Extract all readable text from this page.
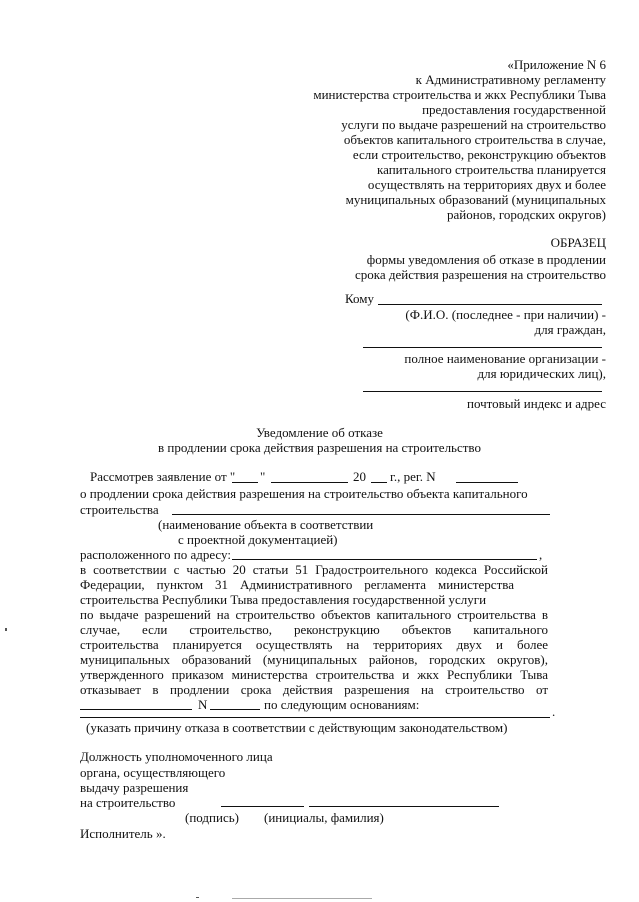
«Приложение N 6
к Административному регламенту
министерства строительства и жкх Республики Тыва
предоставления государственной
услуги по выдаче разрешений на строительство
объектов капитального строительства в случае,
если строительство, реконструкцию объектов
капитального строительства планируется
осуществлять на территориях двух и более
муниципальных образований (муниципальных
районов, городских округов)
ОБРАЗЕЦ
формы уведомления об отказе в продлении
срока действия разрешения на строительство
Кому
(Ф.И.О. (последнее - при наличии) -
для граждан,
полное наименование организации -
для юридических лиц),
почтовый индекс и адрес
Уведомление об отказе
в продлении срока действия разрешения на строительство
Рассмотрев заявление от " "	20 г., рег. N
о продлении срока действия разрешения на строительство объекта капитального
строительства
(наименование объекта в соответствии
с проектной документацией)
расположенного по адресу:	,
в соответствии с частью 20 статьи 51 Градостроительного кодекса Российской
Федерации, пунктом 31 Административного регламента министерства
строительства Республики Тыва предоставления государственной услуги
по выдаче разрешений на строительство объектов капитального строительства в
случае, если строительство, реконструкцию объектов капитального
строительства планируется осуществлять на территориях двух и более
муниципальных образований (муниципальных районов, городских округов),
утвержденного приказом министерства строительства и жкх Республики Тыва
отказывает в продлении срока действия разрешения на строительство от
N	по следующим основаниям:	.
(указать причину отказа в соответствии с действующим законодательством)
Должность уполномоченного лица
органа, осуществляющего
выдачу разрешения
на строительство
(подпись) (инициалы, фамилия)
Исполнитель ».
